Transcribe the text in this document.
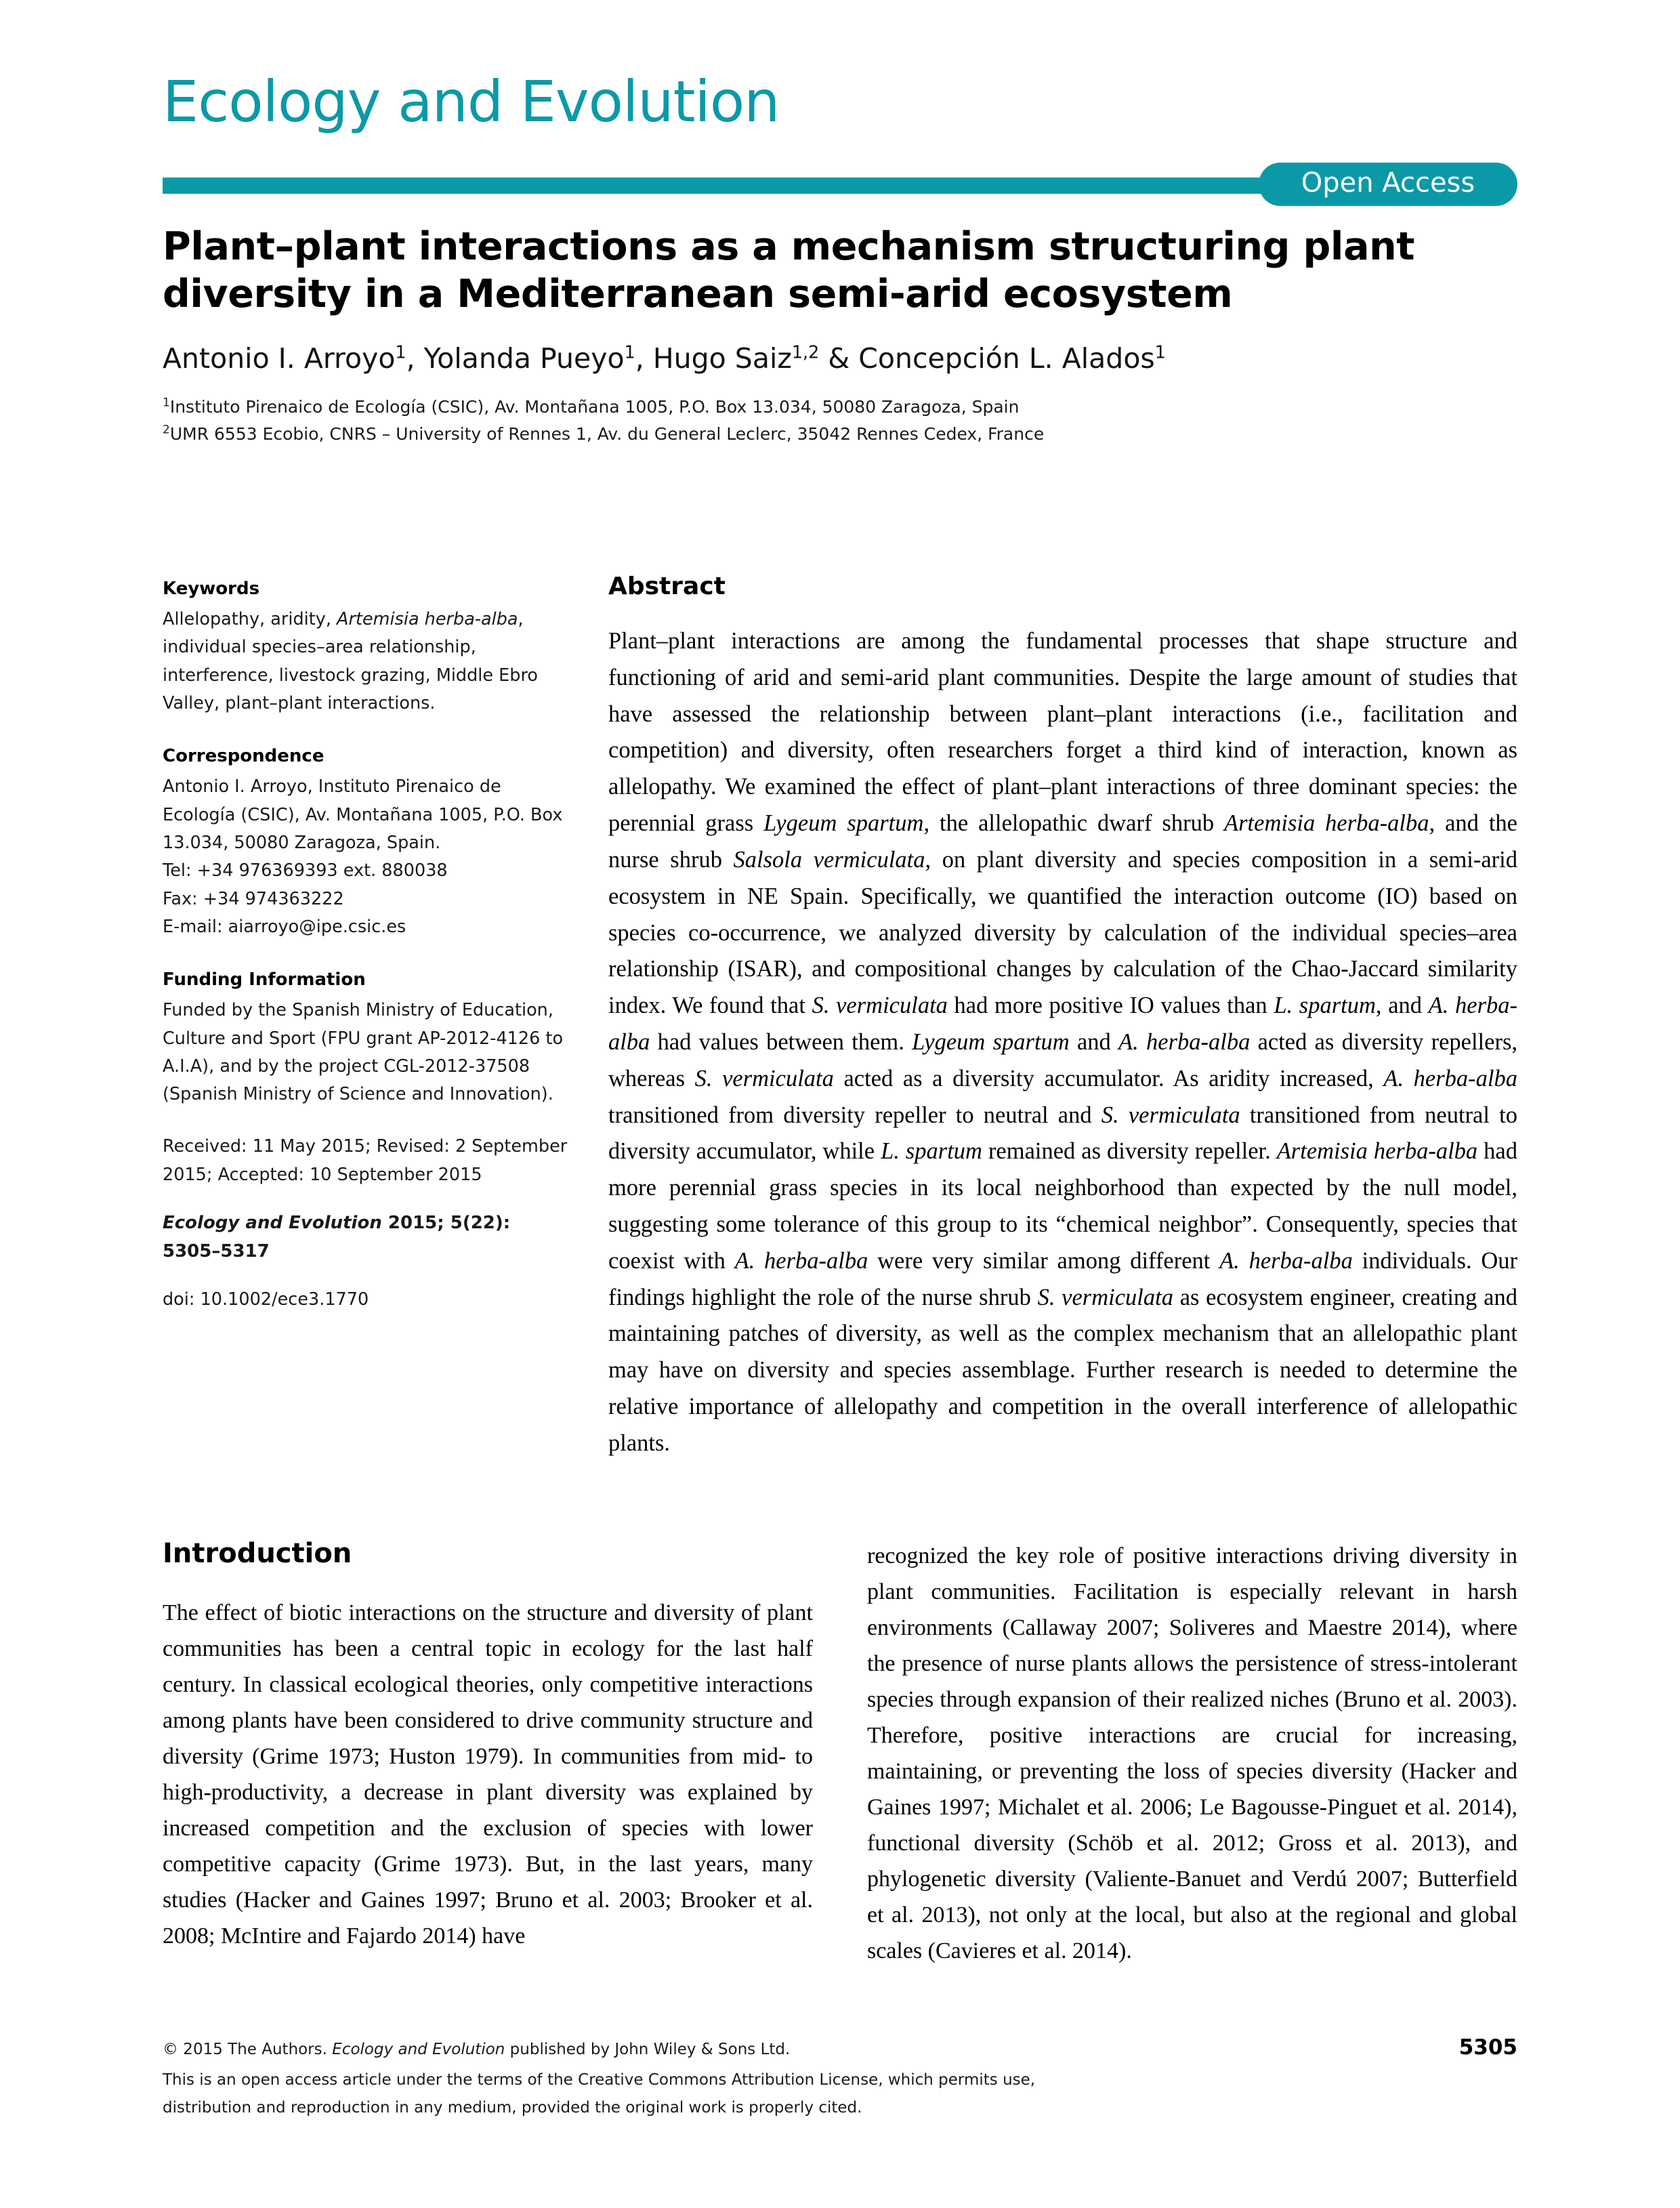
Ecology and Evolution
Open Access
Plant–plant interactions as a mechanism structuring plant diversity in a Mediterranean semi-arid ecosystem
Antonio I. Arroyo$^1$, Yolanda Pueyo$^1$, Hugo Saiz$^{1,2}$ & Concepción L. Alados$^1$
$^1$Instituto Pirenaico de Ecología (CSIC), Av. Montañana 1005, P.O. Box 13.034, 50080 Zaragoza, Spain
$^2$UMR 6553 Ecobio, CNRS – University of Rennes 1, Av. du General Leclerc, 35042 Rennes Cedex, France
Keywords

Allelopathy, aridity, Artemisia herba-alba, individual species–area relationship, interference, livestock grazing, Middle Ebro Valley, plant–plant interactions.

Correspondence

Antonio I. Arroyo, Instituto Pirenaico de Ecología (CSIC), Av. Montañana 1005, P.O. Box 13.034, 50080 Zaragoza, Spain.

Tel: +34 976369393 ext. 880038

Fax: +34 974363222

E-mail: aiarroyo@ipe.csic.es

Funding Information

Funded by the Spanish Ministry of Education, Culture and Sport (FPU grant AP-2012-4126 to A.I.A), and by the project CGL-2012-37508 (Spanish Ministry of Science and Innovation).

Received: 11 May 2015; Revised: 2 September 2015; Accepted: 10 September 2015

Ecology and Evolution 2015; 5(22): 5305–5317

doi: 10.1002/ece3.1770

Abstract

Plant–plant interactions are among the fundamental processes that shape structure and functioning of arid and semi-arid plant communities. Despite the large amount of studies that have assessed the relationship between plant–plant interactions (i.e., facilitation and competition) and diversity, often researchers forget a third kind of interaction, known as allelopathy. We examined the effect of plant–plant interactions of three dominant species: the perennial grass Lygeum spartum, the allelopathic dwarf shrub Artemisia herba-alba, and the nurse shrub Salsola vermiculata, on plant diversity and species composition in a semi-arid ecosystem in NE Spain. Specifically, we quantified the interaction outcome (IO) based on species co-occurrence, we analyzed diversity by calculation of the individual species–area relationship (ISAR), and compositional changes by calculation of the Chao-Jaccard similarity index. We found that S. vermiculata had more positive IO values than L. spartum, and A. herba-alba had values between them. Lygeum spartum and A. herba-alba acted as diversity repellers, whereas S. vermiculata acted as a diversity accumulator. As aridity increased, A. herba-alba transitioned from diversity repeller to neutral and S. vermiculata transitioned from neutral to diversity accumulator, while L. spartum remained as diversity repeller. Artemisia herba-alba had more perennial grass species in its local neighborhood than expected by the null model, suggesting some tolerance of this group to its “chemical neighbor”. Consequently, species that coexist with A. herba-alba were very similar among different A. herba-alba individuals. Our findings highlight the role of the nurse shrub S. vermiculata as ecosystem engineer, creating and maintaining patches of diversity, as well as the complex mechanism that an allelopathic plant may have on diversity and species assemblage. Further research is needed to determine the relative importance of allelopathy and competition in the overall interference of allelopathic plants.

Introduction

The effect of biotic interactions on the structure and diversity of plant communities has been a central topic in ecology for the last half century. In classical ecological theories, only competitive interactions among plants have been considered to drive community structure and diversity (Grime 1973; Huston 1979). In communities from mid- to high-productivity, a decrease in plant diversity was explained by increased competition and the exclusion of species with lower competitive capacity (Grime 1973). But, in the last years, many studies (Hacker and Gaines 1997; Bruno et al. 2003; Brooker et al. 2008; McIntire and Fajardo 2014) have

recognized the key role of positive interactions driving diversity in plant communities. Facilitation is especially relevant in harsh environments (Callaway 2007; Soliveres and Maestre 2014), where the presence of nurse plants allows the persistence of stress-intolerant species through expansion of their realized niches (Bruno et al. 2003). Therefore, positive interactions are crucial for increasing, maintaining, or preventing the loss of species diversity (Hacker and Gaines 1997; Michalet et al. 2006; Le Bagousse-Pinguet et al. 2014), functional diversity (Schöb et al. 2012; Gross et al. 2013), and phylogenetic diversity (Valiente-Banuet and Verdú 2007; Butterfield et al. 2013), not only at the local, but also at the regional and global scales (Cavieres et al. 2014).

© 2015 The Authors. Ecology and Evolution published by John Wiley & Sons Ltd.	5305
This is an open access article under the terms of the Creative Commons Attribution License, which permits use,
distribution and reproduction in any medium, provided the original work is properly cited.
